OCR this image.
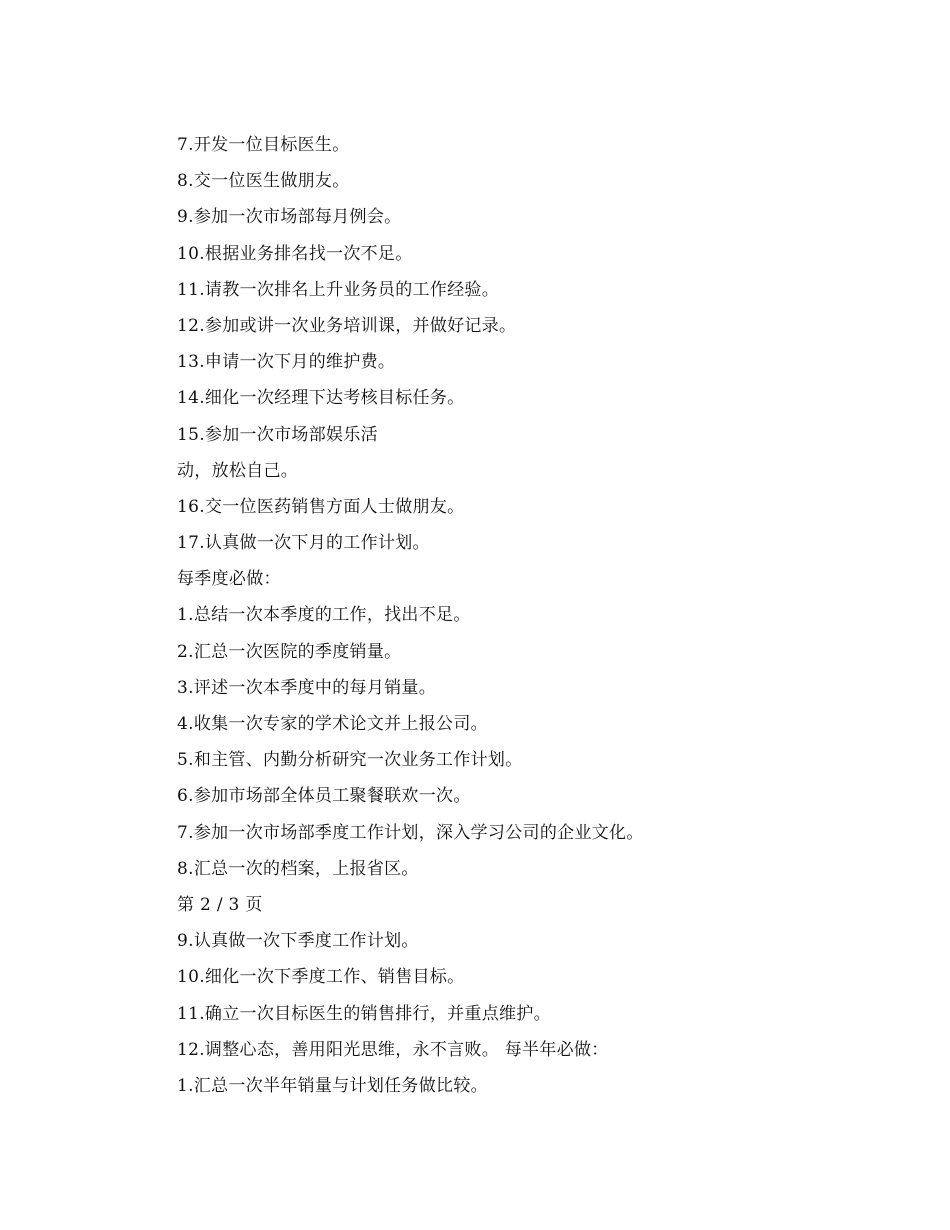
7.开发一位目标医生。
8.交一位医生做朋友。
9.参加一次市场部每月例会。
10.根据业务排名找一次不足。
11.请教一次排名上升业务员的工作经验。
12.参加或讲一次业务培训课，并做好记录。
13.申请一次下月的维护费。
14.细化一次经理下达考核目标任务。
15.参加一次市场部娱乐活
动，放松自己。
16.交一位医药销售方面人士做朋友。
17.认真做一次下月的工作计划。
每季度必做：
1.总结一次本季度的工作，找出不足。
2.汇总一次医院的季度销量。
3.评述一次本季度中的每月销量。
4.收集一次专家的学术论文并上报公司。
5.和主管、内勤分析研究一次业务工作计划。
6.参加市场部全体员工聚餐联欢一次。
7.参加一次市场部季度工作计划，深入学习公司的企业文化。
8.汇总一次的档案，上报省区。
第 2 / 3 页
9.认真做一次下季度工作计划。
10.细化一次下季度工作、销售目标。
11.确立一次目标医生的销售排行，并重点维护。
12.调整心态，善用阳光思维，永不言败。 每半年必做：
1.汇总一次半年销量与计划任务做比较。
